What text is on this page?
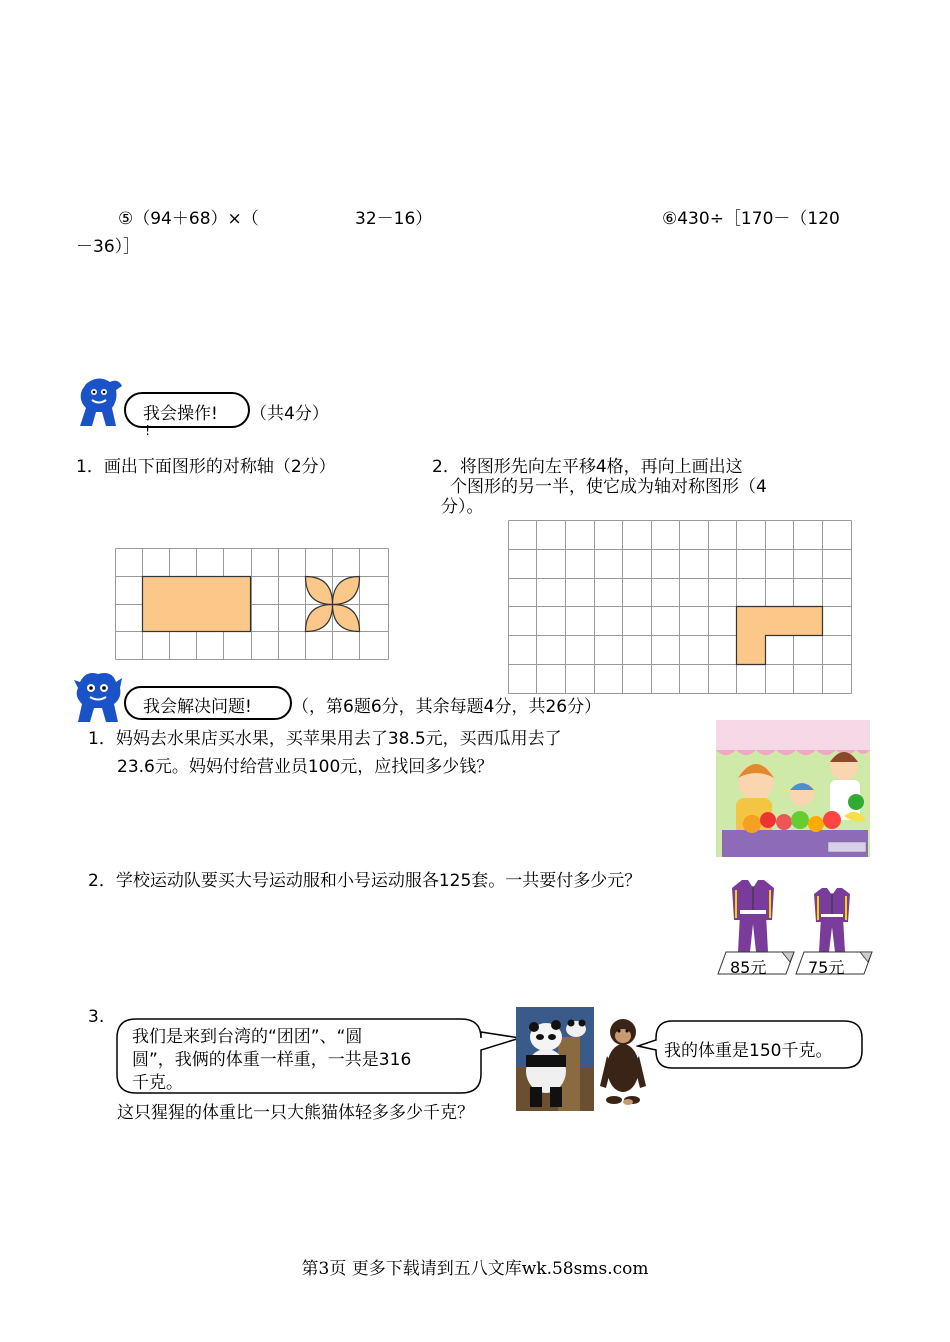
⑤（94＋68）×（	32－16）	⑥430÷［170－（120
－36）］
我会操作! （共4分）
!
1．画出下面图形的对称轴（2分）	2．将图形先向左平移4格，再向上画出这
个图形的另一半，使它成为轴对称图形（4
分）。
我会解决问题! （，第6题6分，其余每题4分，共26分）
1．妈妈去水果店买水果，买苹果用去了38.5元，买西瓜用去了
23.6元。妈妈付给营业员100元，应找回多少钱？
2．学校运动队要买大号运动服和小号运动服各125套。一共要付多少元？
85元	75元
3.
我们是来到台湾的“团团”、“圆
圆”，我俩的体重一样重，一共是316
千克。
我的体重是150千克。
这只猩猩的体重比一只大熊猫体轻多多少千克？
第3页 更多下载请到五八文库wk.58sms.com
